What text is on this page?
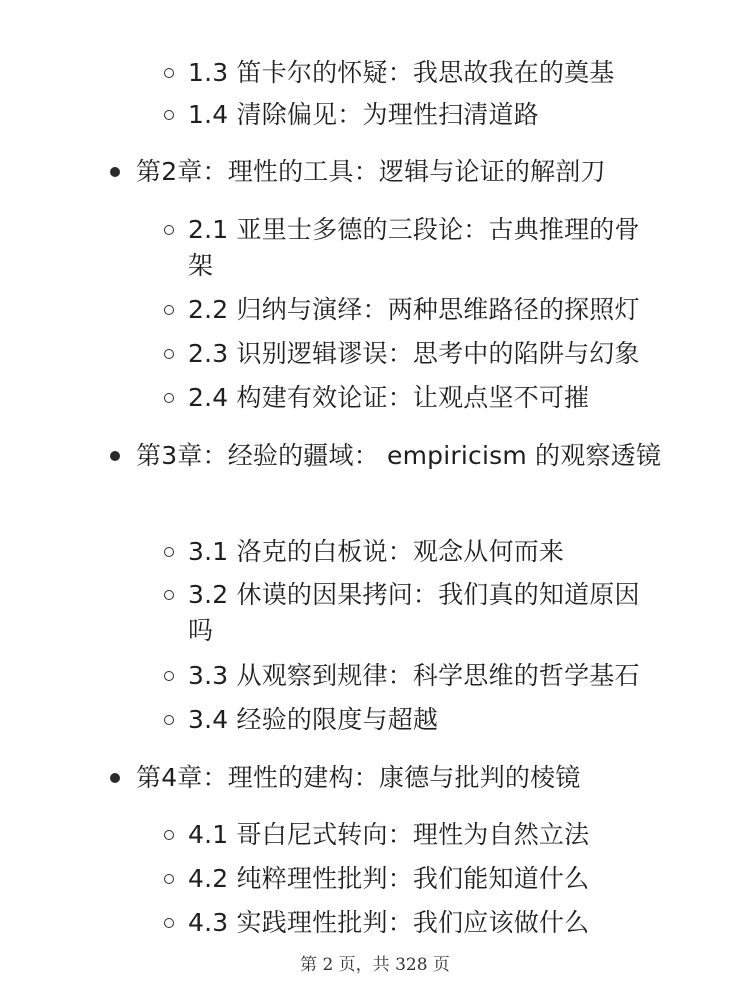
1.3 笛卡尔的怀疑：我思故我在的奠基
1.4 清除偏见：为理性扫清道路
第2章：理性的工具：逻辑与论证的解剖刀
2.1 亚里士多德的三段论：古典推理的骨架
2.2 归纳与演绎：两种思维路径的探照灯
2.3 识别逻辑谬误：思考中的陷阱与幻象
2.4 构建有效论证：让观点坚不可摧
第3章：经验的疆域： empiricism 的观察透镜
3.1 洛克的白板说：观念从何而来
3.2 休谟的因果拷问：我们真的知道原因吗
3.3 从观察到规律：科学思维的哲学基石
3.4 经验的限度与超越
第4章：理性的建构：康德与批判的棱镜
4.1 哥白尼式转向：理性为自然立法
4.2 纯粹理性批判：我们能知道什么
4.3 实践理性批判：我们应该做什么
第 2 页，共 328 页
